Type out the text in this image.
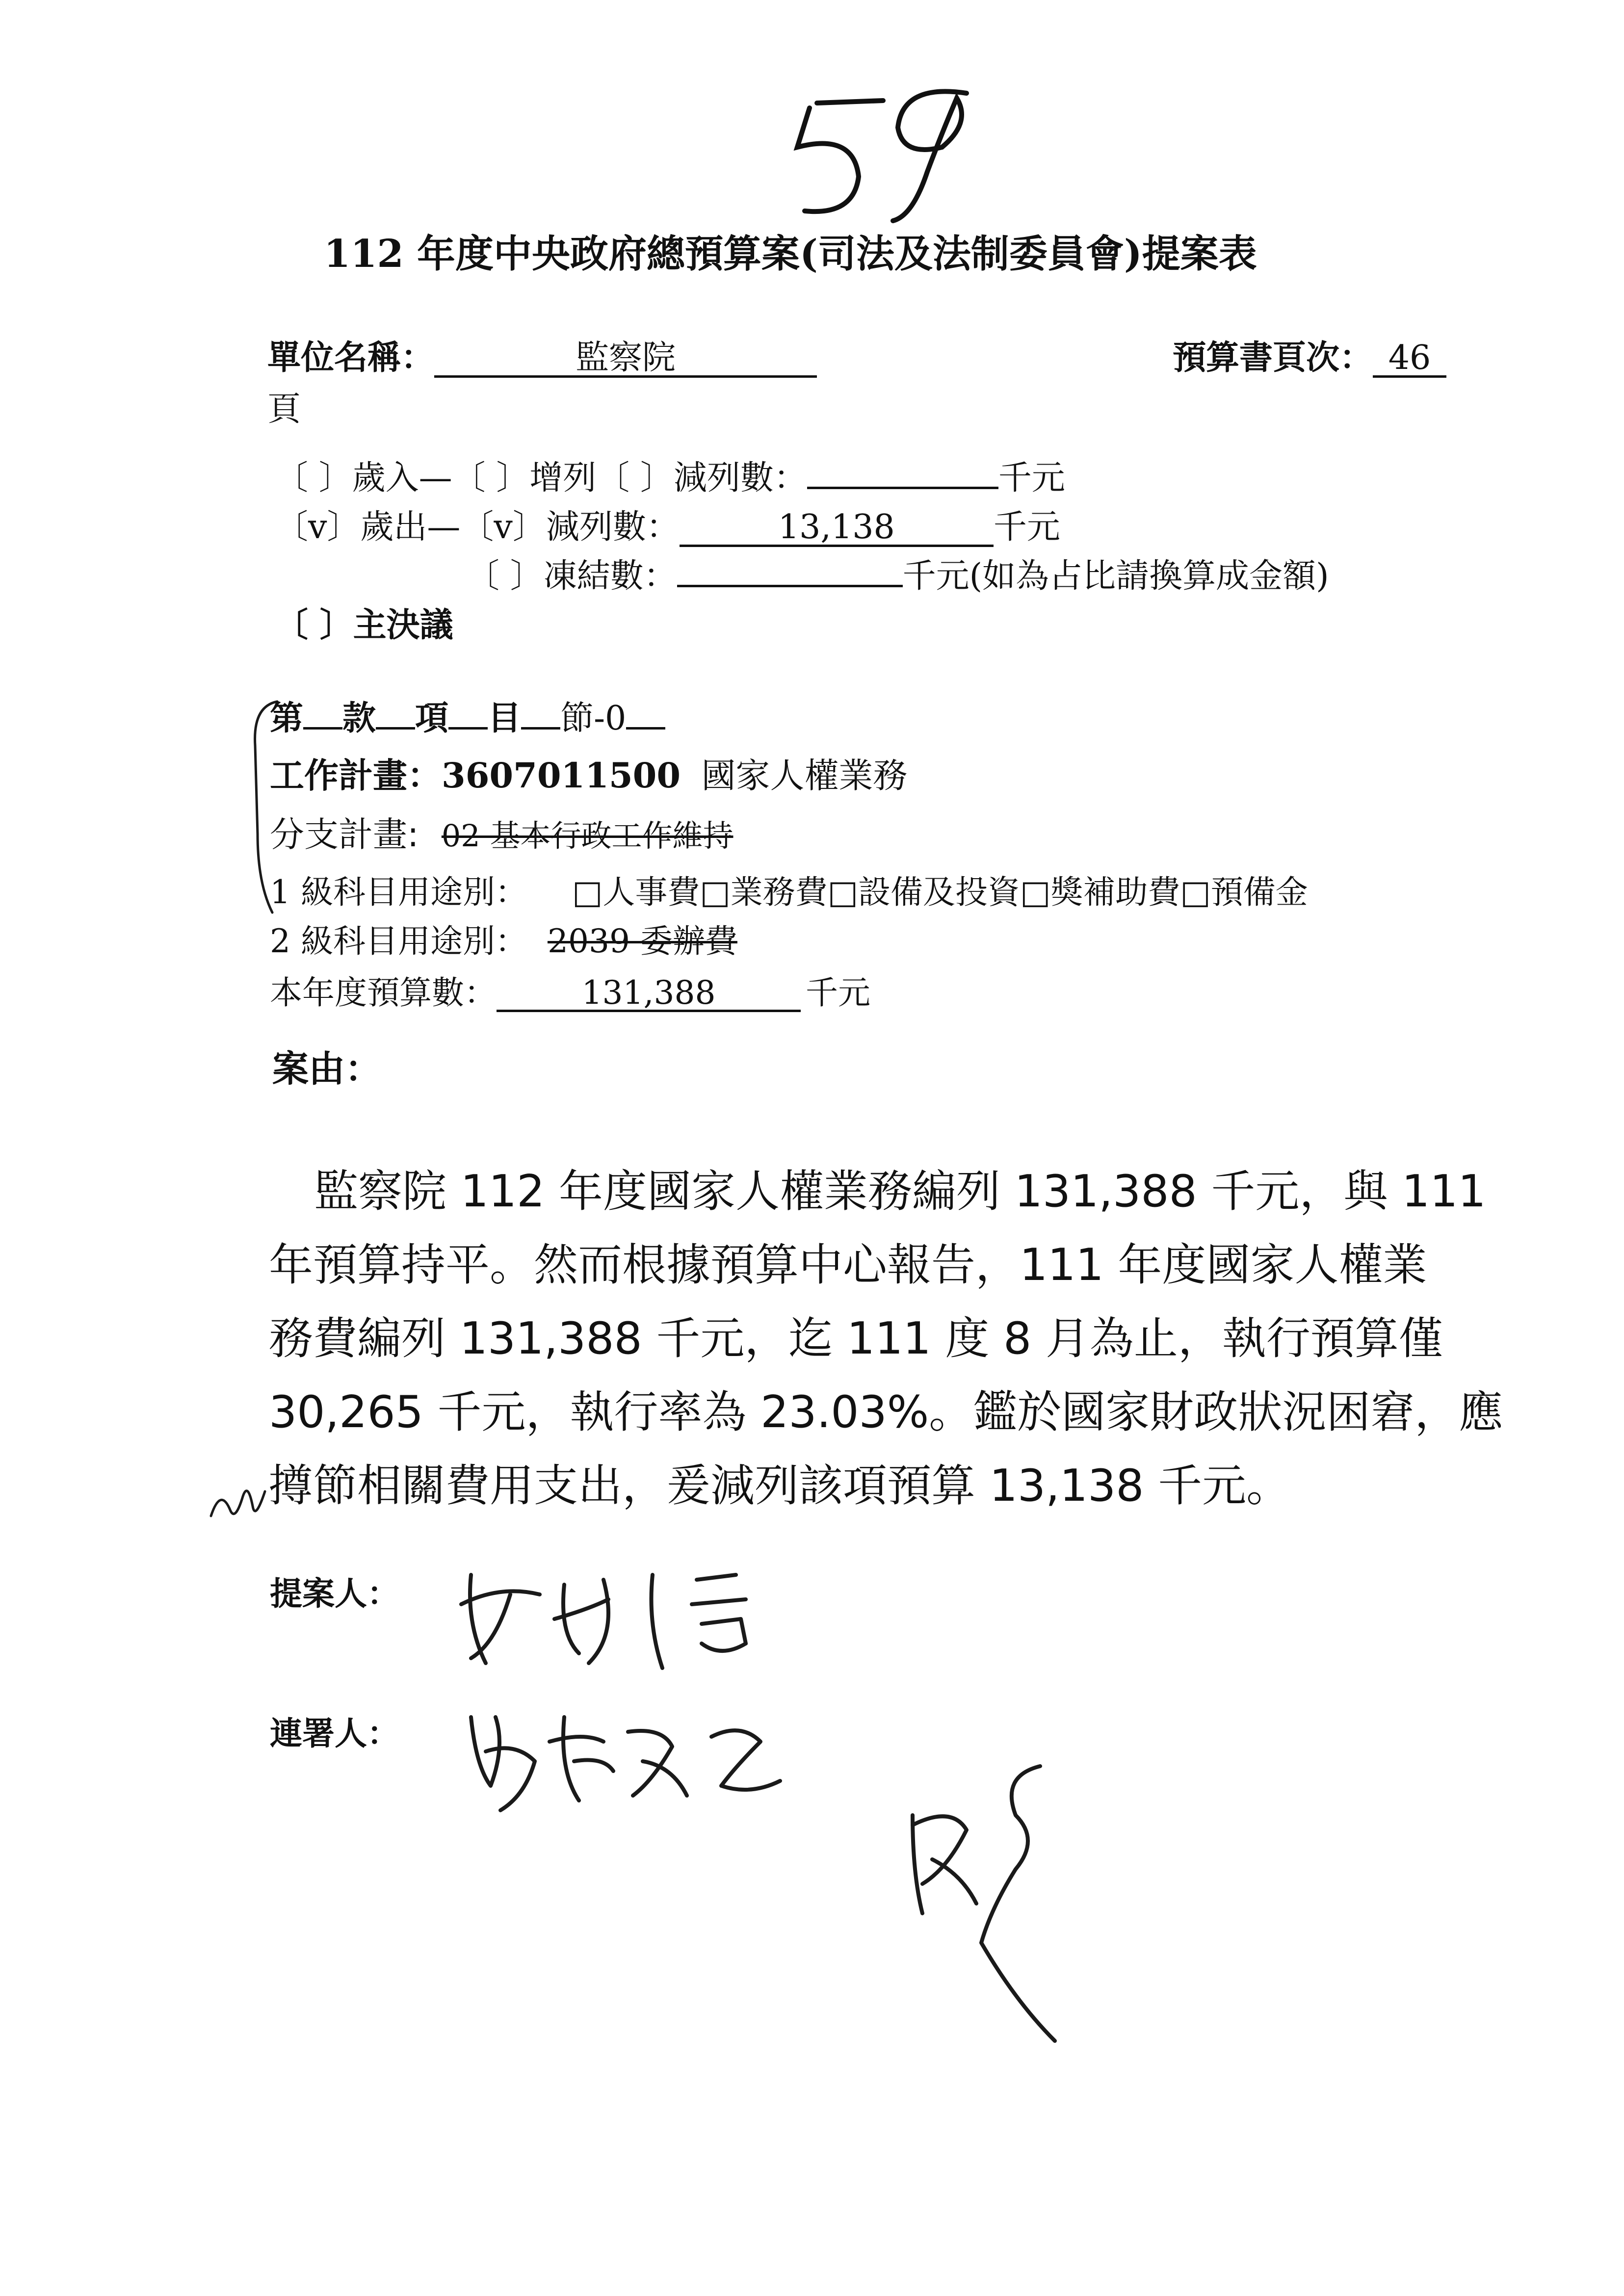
112 年度中央政府總預算案(司法及法制委員會)提案表
單位名稱：	監察院	預算書頁次： 46
頁
〔 〕歲入—〔 〕增列〔 〕減列數：	千元
〔v〕歲出—〔v〕減列數：	13,138	千元
〔 〕凍結數：	千元(如為占比請換算成金額)
〔 〕主決議
第 款 項 目 節-0
工作計畫：3607011500 國家人權業務
分支計畫: 02 基本行政工作維持
1 級科目用途別： □人事費□業務費□設備及投資□獎補助費□預備金
2 級科目用途別： 2039 委辦費
本年度預算數：	131,388	千元
案由：
監察院 112 年度國家人權業務編列 131,388 千元，與 111
年預算持平。然而根據預算中心報告，111 年度國家人權業
務費編列 131,388 千元，迄 111 度 8 月為止，執行預算僅
30,265 千元，執行率為 23.03%。鑑於國家財政狀況困窘，應
撙節相關費用支出，爰減列該項預算 13,138 千元。
提案人：
連署人：
